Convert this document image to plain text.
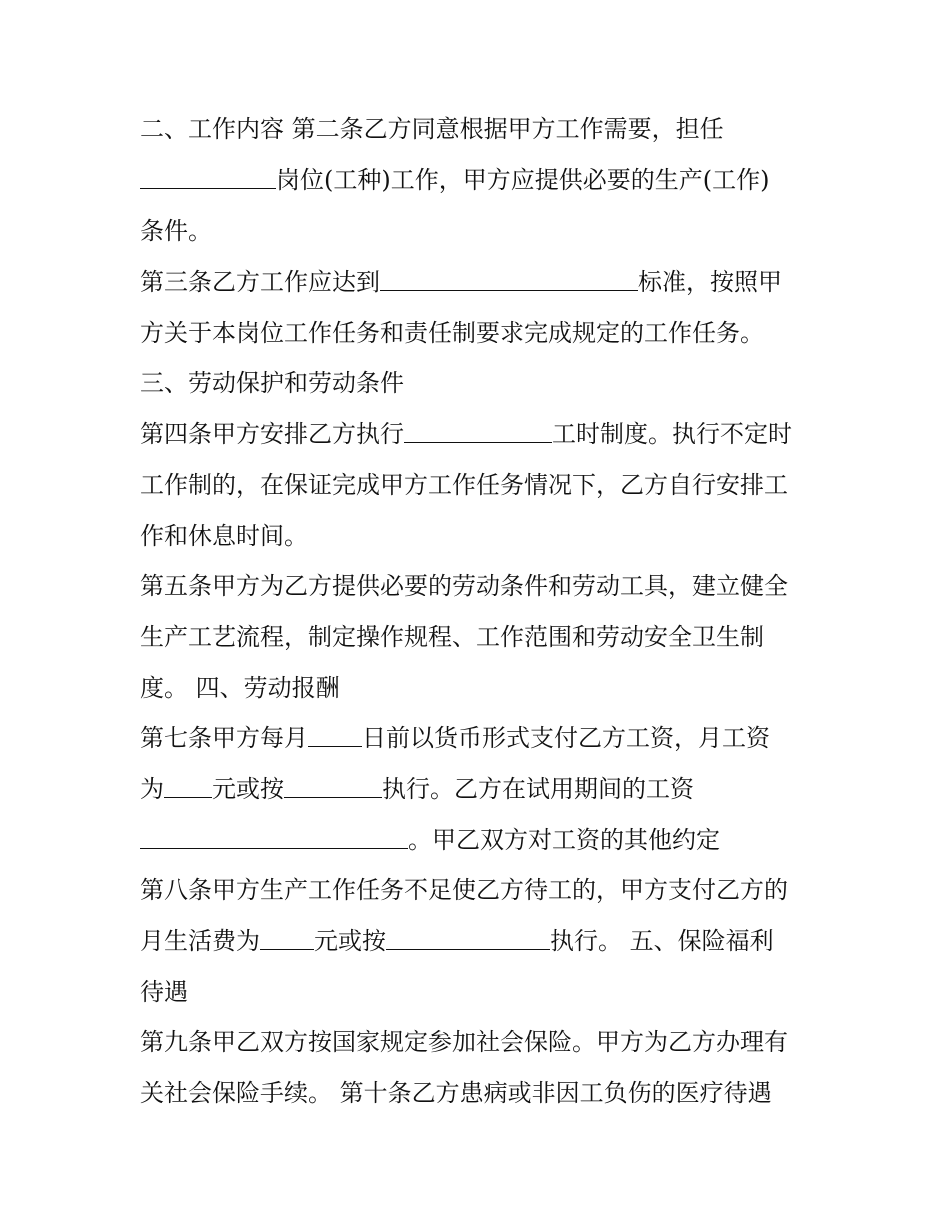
二、工作内容 第二条乙方同意根据甲方工作需要，担任
岗位(工种)工作，甲方应提供必要的生产(工作)
条件。
第三条乙方工作应达到	标准，按照甲
方关于本岗位工作任务和责任制要求完成规定的工作任务。
三、劳动保护和劳动条件
第四条甲方安排乙方执行	工时制度。执行不定时
工作制的，在保证完成甲方工作任务情况下，乙方自行安排工
作和休息时间。
第五条甲方为乙方提供必要的劳动条件和劳动工具，建立健全
生产工艺流程，制定操作规程、工作范围和劳动安全卫生制
度。 四、劳动报酬
第七条甲方每月 日前以货币形式支付乙方工资，月工资
为 元或按	执行。乙方在试用期间的工资
。甲乙双方对工资的其他约定
第八条甲方生产工作任务不足使乙方待工的，甲方支付乙方的
月生活费为 元或按	执行。 五、保险福利
待遇
第九条甲乙双方按国家规定参加社会保险。甲方为乙方办理有
关社会保险手续。 第十条乙方患病或非因工负伤的医疗待遇
